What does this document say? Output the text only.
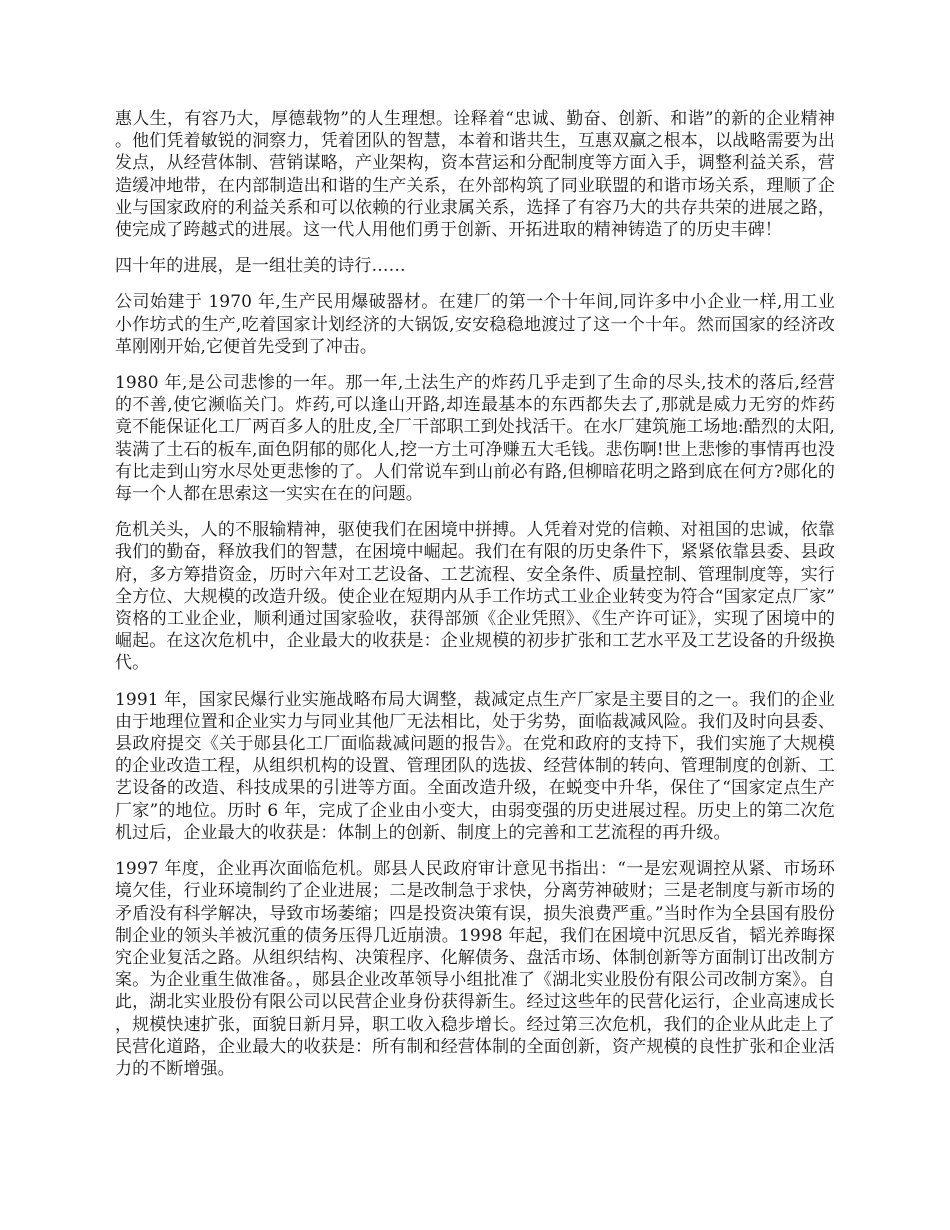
惠人生，有容乃大，厚德载物”的人生理想。诠释着“忠诚、勤奋、创新、和谐”的新的企业精神。他们凭着敏锐的洞察力，凭着团队的智慧，本着和谐共生，互惠双赢之根本，以战略需要为出发点，从经营体制、营销谋略，产业架构，资本营运和分配制度等方面入手，调整利益关系，营造缓冲地带，在内部制造出和谐的生产关系，在外部构筑了同业联盟的和谐市场关系，理顺了企业与国家政府的利益关系和可以依赖的行业隶属关系，选择了有容乃大的共存共荣的进展之路，使完成了跨越式的进展。这一代人用他们勇于创新、开拓进取的精神铸造了的历史丰碑！

四十年的进展，是一组壮美的诗行……

公司始建于 1970 年,生产民用爆破器材。在建厂的第一个十年间,同许多中小企业一样,用工业小作坊式的生产,吃着国家计划经济的大锅饭,安安稳稳地渡过了这一个十年。然而国家的经济改革刚刚开始,它便首先受到了冲击。

1980 年,是公司悲惨的一年。那一年,土法生产的炸药几乎走到了生命的尽头,技术的落后,经营的不善,使它濒临关门。炸药,可以逢山开路,却连最基本的东西都失去了,那就是威力无穷的炸药竟不能保证化工厂两百多人的肚皮,全厂干部职工到处找活干。在水厂建筑施工场地:酷烈的太阳,装满了土石的板车,面色阴郁的郧化人,挖一方土可净赚五大毛钱。悲伤啊!世上悲惨的事情再也没有比走到山穷水尽处更悲惨的了。人们常说车到山前必有路,但柳暗花明之路到底在何方?郧化的每一个人都在思索这一实实在在的问题。

危机关头，人的不服输精神，驱使我们在困境中拼搏。人凭着对党的信赖、对祖国的忠诚，依靠我们的勤奋，释放我们的智慧，在困境中崛起。我们在有限的历史条件下，紧紧依靠县委、县政府，多方筹措资金，历时六年对工艺设备、工艺流程、安全条件、质量控制、管理制度等，实行全方位、大规模的改造升级。使企业在短期内从手工作坊式工业企业转变为符合“国家定点厂家”资格的工业企业，顺利通过国家验收，获得部颁《企业凭照》、《生产许可证》，实现了困境中的崛起。在这次危机中，企业最大的收获是：企业规模的初步扩张和工艺水平及工艺设备的升级换代。

1991 年，国家民爆行业实施战略布局大调整，裁减定点生产厂家是主要目的之一。我们的企业由于地理位置和企业实力与同业其他厂无法相比，处于劣势，面临裁减风险。我们及时向县委、县政府提交《关于郧县化工厂面临裁减问题的报告》。在党和政府的支持下，我们实施了大规模的企业改造工程，从组织机构的设置、管理团队的选拔、经营体制的转向、管理制度的创新、工艺设备的改造、科技成果的引进等方面。全面改造升级，在蜕变中升华，保住了“国家定点生产厂家”的地位。历时 6 年，完成了企业由小变大，由弱变强的历史进展过程。历史上的第二次危机过后，企业最大的收获是：体制上的创新、制度上的完善和工艺流程的再升级。

1997 年度，企业再次面临危机。郧县人民政府审计意见书指出：“一是宏观调控从紧、市场环境欠佳，行业环境制约了企业进展；二是改制急于求快，分离劳神破财；三是老制度与新市场的矛盾没有科学解决，导致市场萎缩；四是投资决策有误，损失浪费严重。”当时作为全县国有股份制企业的领头羊被沉重的债务压得几近崩溃。1998 年起，我们在困境中沉思反省，韬光养晦探究企业复活之路。从组织结构、决策程序、化解债务、盘活市场、体制创新等方面制订出改制方案。为企业重生做准备。，郧县企业改革领导小组批准了《湖北实业股份有限公司改制方案》。自此，湖北实业股份有限公司以民营企业身份获得新生。经过这些年的民营化运行，企业高速成长，规模快速扩张，面貌日新月异，职工收入稳步增长。经过第三次危机，我们的企业从此走上了民营化道路，企业最大的收获是：所有制和经营体制的全面创新，资产规模的良性扩张和企业活力的不断增强。
